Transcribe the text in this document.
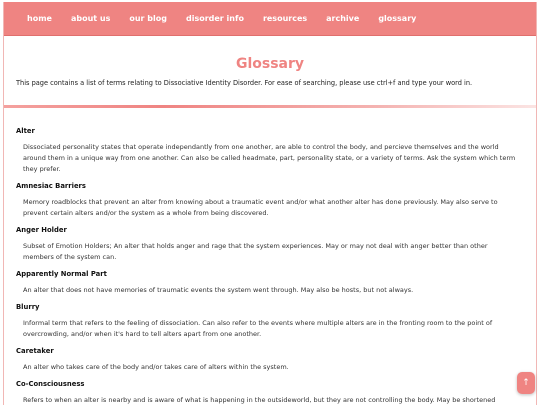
home about us our blog disorder info resources archive glossary
Glossary

This page contains a list of terms relating to Dissociative Identity Disorder. For ease of searching, please use ctrl+f and type your word in.

Alter

Dissociated personality states that operate independantly from one another, are able to control the body, and percieve themselves and the world around them in a unique way from one another. Can also be called headmate, part, personality state, or a variety of terms. Ask the system which term they prefer.

Amnesiac Barriers

Memory roadblocks that prevent an alter from knowing about a traumatic event and/or what another alter has done previously. May also serve to prevent certain alters and/or the system as a whole from being discovered.

Anger Holder

Subset of Emotion Holders; An alter that holds anger and rage that the system experiences. May or may not deal with anger better than other members of the system can.

Apparently Normal Part

An alter that does not have memories of traumatic events the system went through. May also be hosts, but not always.

Blurry

Informal term that refers to the feeling of dissociation. Can also refer to the events where multiple alters are in the fronting room to the point of overcrowding, and/or when it's hard to tell alters apart from one another.

Caretaker

An alter who takes care of the body and/or takes care of alters within the system.

Co-Consciousness

Refers to when an alter is nearby and is aware of what is happening in the outsideworld, but they are not controlling the body. May be shortened

↑
